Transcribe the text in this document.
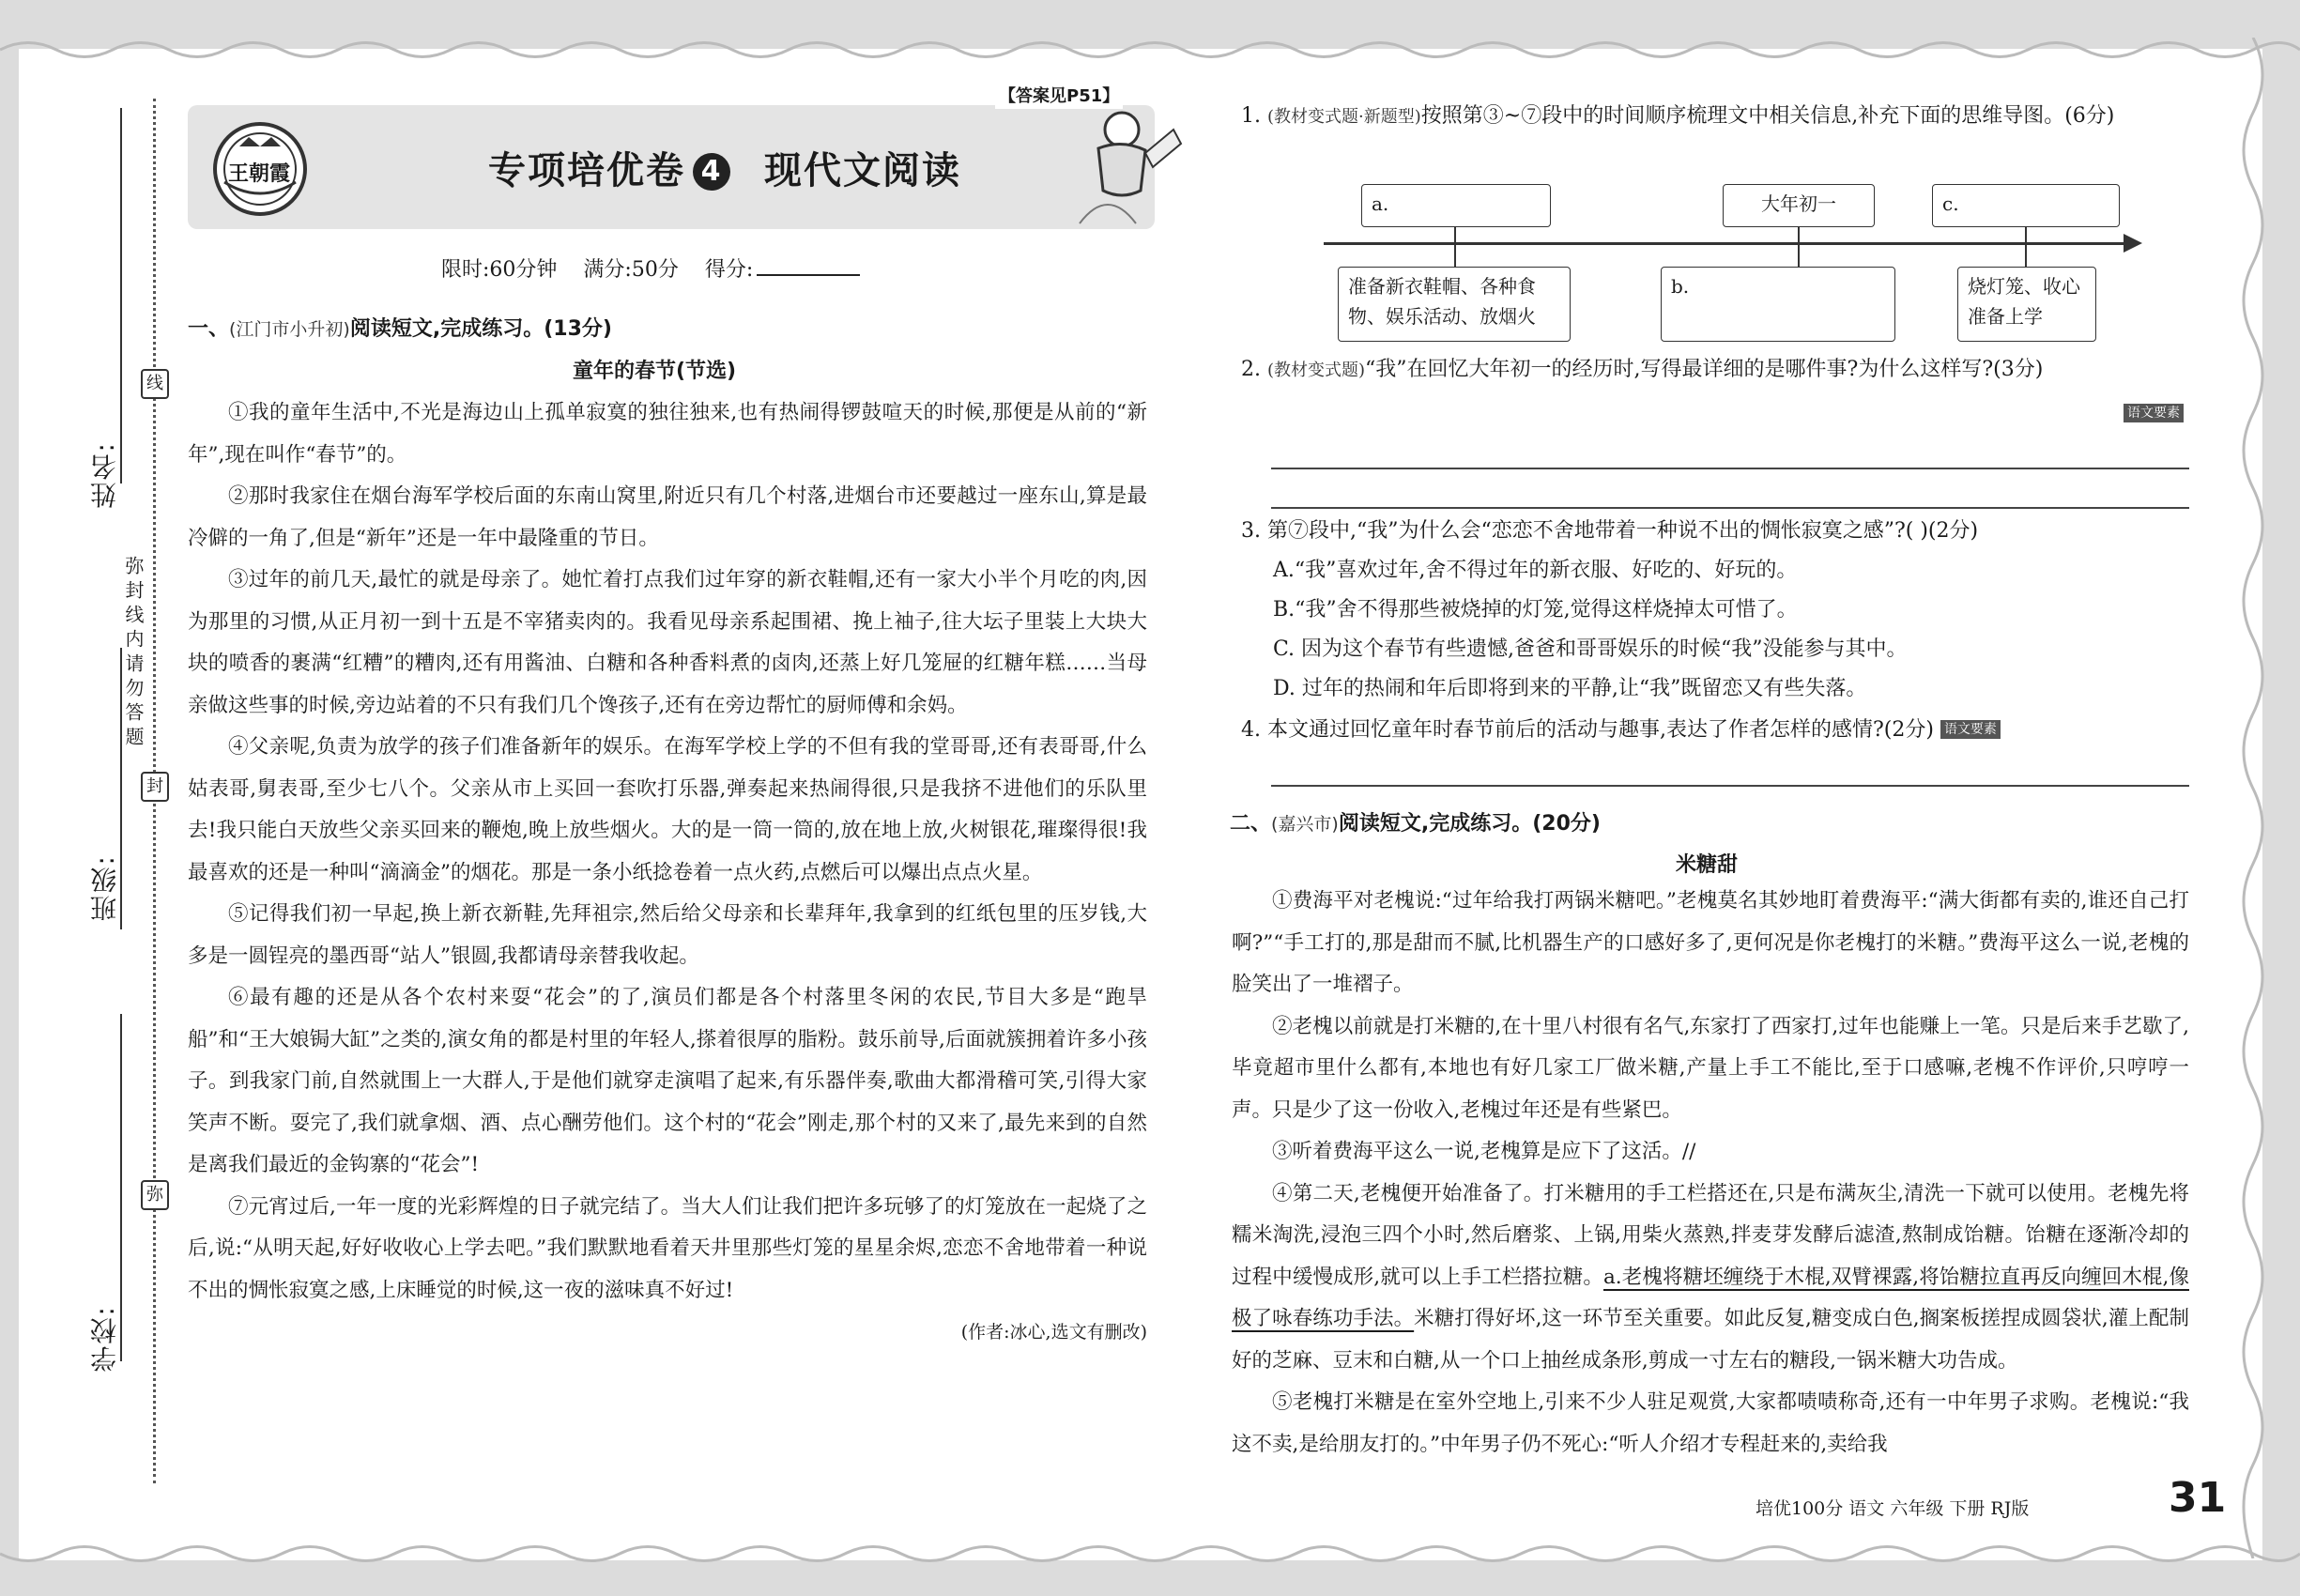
线
封
弥
弥封线内请勿答题
姓名:
班级:
学校:
王朝霞
【答案见P51】
专项培优卷 4 现代文阅读
限时:60分钟 满分:50分 得分:
一、(江门市小升初)阅读短文,完成练习。(13分)
童年的春节(节选)

①我的童年生活中,不光是海边山上孤单寂寞的独往独来,也有热闹得锣鼓喧天的时候,那便是从前的“新年”,现在叫作“春节”的。

②那时我家住在烟台海军学校后面的东南山窝里,附近只有几个村落,进烟台市还要越过一座东山,算是最冷僻的一角了,但是“新年”还是一年中最隆重的节日。

③过年的前几天,最忙的就是母亲了。她忙着打点我们过年穿的新衣鞋帽,还有一家大小半个月吃的肉,因为那里的习惯,从正月初一到十五是不宰猪卖肉的。我看见母亲系起围裙、挽上袖子,往大坛子里装上大块大块的喷香的裹满“红糟”的糟肉,还有用酱油、白糖和各种香料煮的卤肉,还蒸上好几笼屉的红糖年糕……当母亲做这些事的时候,旁边站着的不只有我们几个馋孩子,还有在旁边帮忙的厨师傅和余妈。

④父亲呢,负责为放学的孩子们准备新年的娱乐。在海军学校上学的不但有我的堂哥哥,还有表哥哥,什么姑表哥,舅表哥,至少七八个。父亲从市上买回一套吹打乐器,弹奏起来热闹得很,只是我挤不进他们的乐队里去!我只能白天放些父亲买回来的鞭炮,晚上放些烟火。大的是一筒一筒的,放在地上放,火树银花,璀璨得很!我最喜欢的还是一种叫“滴滴金”的烟花。那是一条小纸捻卷着一点火药,点燃后可以爆出点点火星。

⑤记得我们初一早起,换上新衣新鞋,先拜祖宗,然后给父母亲和长辈拜年,我拿到的红纸包里的压岁钱,大多是一圆锃亮的墨西哥“站人”银圆,我都请母亲替我收起。

⑥最有趣的还是从各个农村来耍“花会”的了,演员们都是各个村落里冬闲的农民,节目大多是“跑旱船”和“王大娘锔大缸”之类的,演女角的都是村里的年轻人,搽着很厚的脂粉。鼓乐前导,后面就簇拥着许多小孩子。到我家门前,自然就围上一大群人,于是他们就穿走演唱了起来,有乐器伴奏,歌曲大都滑稽可笑,引得大家笑声不断。耍完了,我们就拿烟、酒、点心酬劳他们。这个村的“花会”刚走,那个村的又来了,最先来到的自然是离我们最近的金钩寨的“花会”!

⑦元宵过后,一年一度的光彩辉煌的日子就完结了。当大人们让我们把许多玩够了的灯笼放在一起烧了之后,说:“从明天起,好好收收心上学去吧。”我们默默地看着天井里那些灯笼的星星余烬,恋恋不舍地带着一种说不出的惆怅寂寞之感,上床睡觉的时候,这一夜的滋味真不好过!

(作者:冰心,选文有删改)
1. (教材变式题·新题型)按照第③~⑦段中的时间顺序梳理文中相关信息,补充下面的思维导图。(6分)
a.	大年初一	c.
准备新衣鞋帽、各种食物、娱乐活动、放烟火
b.	烧灯笼、收心准备上学
2. (教材变式题)“我”在回忆大年初一的经历时,写得最详细的是哪件事?为什么这样写?(3分)
语文要素
3. 第⑦段中,“我”为什么会“恋恋不舍地带着一种说不出的惆怅寂寞之感”?( )(2分)
A.“我”喜欢过年,舍不得过年的新衣服、好吃的、好玩的。
B.“我”舍不得那些被烧掉的灯笼,觉得这样烧掉太可惜了。
C. 因为这个春节有些遗憾,爸爸和哥哥娱乐的时候“我”没能参与其中。
D. 过年的热闹和年后即将到来的平静,让“我”既留恋又有些失落。
4. 本文通过回忆童年时春节前后的活动与趣事,表达了作者怎样的感情?(2分) 语文要素
二、(嘉兴市)阅读短文,完成练习。(20分)
米糖甜

①费海平对老槐说:“过年给我打两锅米糖吧。”老槐莫名其妙地盯着费海平:“满大街都有卖的,谁还自己打啊?”“手工打的,那是甜而不腻,比机器生产的口感好多了,更何况是你老槐打的米糖。”费海平这么一说,老槐的脸笑出了一堆褶子。

②老槐以前就是打米糖的,在十里八村很有名气,东家打了西家打,过年也能赚上一笔。只是后来手艺歇了,毕竟超市里什么都有,本地也有好几家工厂做米糖,产量上手工不能比,至于口感嘛,老槐不作评价,只哼哼一声。只是少了这一份收入,老槐过年还是有些紧巴。

③听着费海平这么一说,老槐算是应下了这活。//

④第二天,老槐便开始准备了。打米糖用的手工栏搭还在,只是布满灰尘,清洗一下就可以使用。老槐先将糯米淘洗,浸泡三四个小时,然后磨浆、上锅,用柴火蒸熟,拌麦芽发酵后滤渣,熬制成饴糖。饴糖在逐渐冷却的过程中缓慢成形,就可以上手工栏搭拉糖。a.老槐将糖坯缠绕于木棍,双臂裸露,将饴糖拉直再反向缠回木棍,像极了咏春练功手法。米糖打得好坏,这一环节至关重要。如此反复,糖变成白色,搁案板搓捏成圆袋状,灌上配制好的芝麻、豆末和白糖,从一个口上抽丝成条形,剪成一寸左右的糖段,一锅米糖大功告成。

⑤老槐打米糖是在室外空地上,引来不少人驻足观赏,大家都啧啧称奇,还有一中年男子求购。老槐说:“我这不卖,是给朋友打的。”中年男子仍不死心:“听人介绍才专程赶来的,卖给我

培优100分 语文 六年级 下册 RJ版	31
